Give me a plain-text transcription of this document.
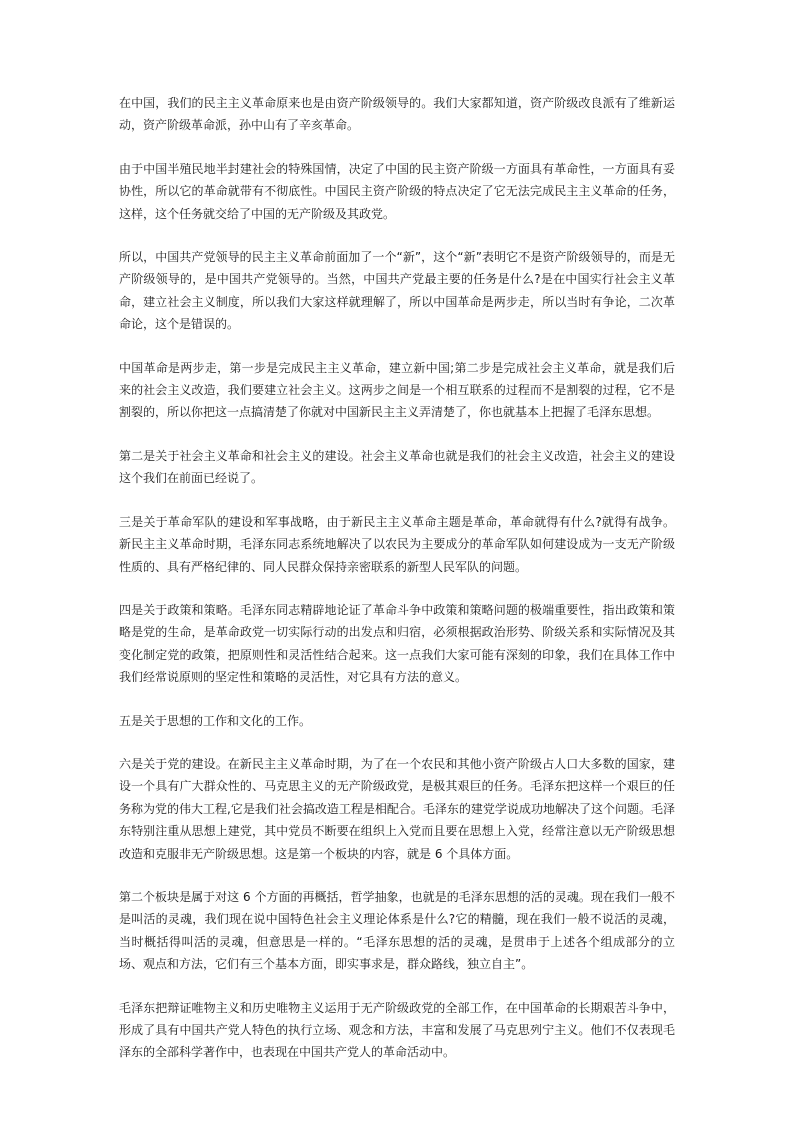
在中国，我们的民主主义革命原来也是由资产阶级领导的。我们大家都知道，资产阶级改良派有了维新运动，资产阶级革命派，孙中山有了辛亥革命。

由于中国半殖民地半封建社会的特殊国情，决定了中国的民主资产阶级一方面具有革命性，一方面具有妥协性，所以它的革命就带有不彻底性。中国民主资产阶级的特点决定了它无法完成民主主义革命的任务，这样，这个任务就交给了中国的无产阶级及其政党。

所以，中国共产党领导的民主主义革命前面加了一个“新”，这个“新”表明它不是资产阶级领导的，而是无产阶级领导的，是中国共产党领导的。当然，中国共产党最主要的任务是什么?是在中国实行社会主义革命，建立社会主义制度，所以我们大家这样就理解了，所以中国革命是两步走，所以当时有争论，二次革命论，这个是错误的。

中国革命是两步走，第一步是完成民主主义革命，建立新中国;第二步是完成社会主义革命，就是我们后来的社会主义改造，我们要建立社会主义。这两步之间是一个相互联系的过程而不是割裂的过程，它不是割裂的，所以你把这一点搞清楚了你就对中国新民主主义弄清楚了，你也就基本上把握了毛泽东思想。

第二是关于社会主义革命和社会主义的建设。社会主义革命也就是我们的社会主义改造，社会主义的建设这个我们在前面已经说了。

三是关于革命军队的建设和军事战略，由于新民主主义革命主题是革命，革命就得有什么?就得有战争。新民主主义革命时期，毛泽东同志系统地解决了以农民为主要成分的革命军队如何建设成为一支无产阶级性质的、具有严格纪律的、同人民群众保持亲密联系的新型人民军队的问题。

四是关于政策和策略。毛泽东同志精辟地论证了革命斗争中政策和策略问题的极端重要性，指出政策和策略是党的生命，是革命政党一切实际行动的出发点和归宿，必须根据政治形势、阶级关系和实际情况及其变化制定党的政策，把原则性和灵活性结合起来。这一点我们大家可能有深刻的印象，我们在具体工作中我们经常说原则的坚定性和策略的灵活性，对它具有方法的意义。

五是关于思想的工作和文化的工作。

六是关于党的建设。在新民主主义革命时期，为了在一个农民和其他小资产阶级占人口大多数的国家，建设一个具有广大群众性的、马克思主义的无产阶级政党，是极其艰巨的任务。毛泽东把这样一个艰巨的任务称为党的伟大工程,它是我们社会搞改造工程是相配合。毛泽东的建党学说成功地解决了这个问题。毛泽东特别注重从思想上建党，其中党员不断要在组织上入党而且要在思想上入党，经常注意以无产阶级思想改造和克服非无产阶级思想。这是第一个板块的内容，就是 6 个具体方面。

第二个板块是属于对这 6 个方面的再概括，哲学抽象，也就是的毛泽东思想的活的灵魂。现在我们一般不是叫活的灵魂，我们现在说中国特色社会主义理论体系是什么?它的精髓，现在我们一般不说活的灵魂，当时概括得叫活的灵魂，但意思是一样的。“毛泽东思想的活的灵魂，是贯串于上述各个组成部分的立场、观点和方法，它们有三个基本方面，即实事求是，群众路线，独立自主”。

毛泽东把辩证唯物主义和历史唯物主义运用于无产阶级政党的全部工作，在中国革命的长期艰苦斗争中，形成了具有中国共产党人特色的执行立场、观念和方法，丰富和发展了马克思列宁主义。他们不仅表现毛泽东的全部科学著作中，也表现在中国共产党人的革命活动中。
